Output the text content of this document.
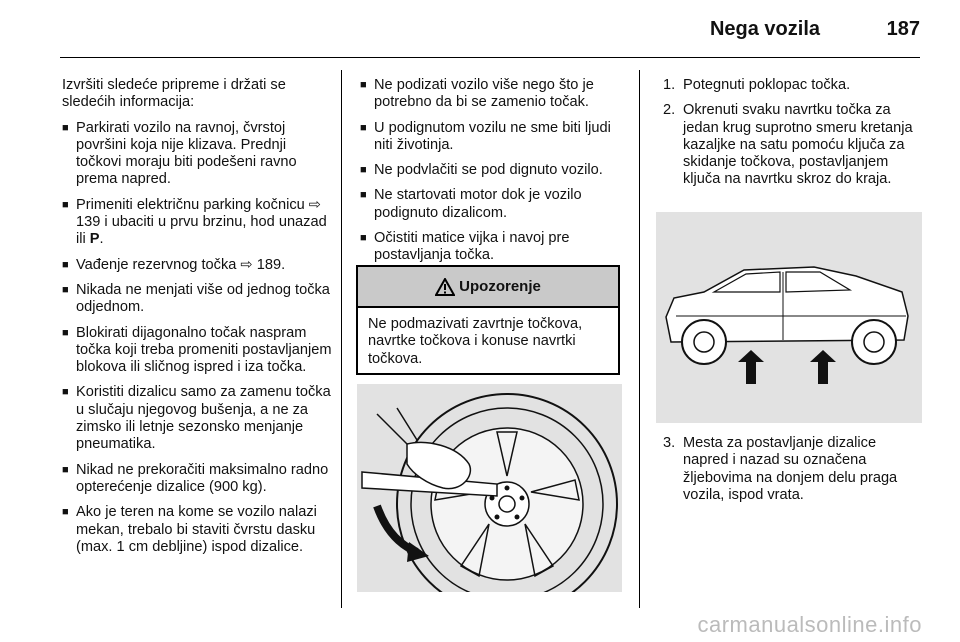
Nega vozila	187

Izvršiti sledeće pripreme i držati se sledećih informacija:

■ Parkirati vozilo na ravnoj, čvrstoj površini koja nije klizava. Prednji točkovi moraju biti podešeni ravno prema napred.
■ Primeniti električnu parking kočnicu ⇨ 139 i ubaciti u prvu brzinu, hod unazad ili P.
■ Vađenje rezervnog točka ⇨ 189.
■ Nikada ne menjati više od jednog točka odjednom.
■ Blokirati dijagonalno točak naspram točka koji treba promeniti postavljanjem blokova ili sličnog ispred i iza točka.
■ Koristiti dizalicu samo za zamenu točka u slučaju njegovog bušenja, a ne za zimsko ili letnje sezonsko menjanje pneumatika.
■ Nikad ne prekoračiti maksimalno radno opterećenje dizalice (900 kg).
■ Ako je teren na kome se vozilo nalazi mekan, trebalo bi staviti čvrstu dasku (max. 1 cm debljine) ispod dizalice.
■ Ne podizati vozilo više nego što je potrebno da bi se zamenio točak.
■ U podignutom vozilu ne sme biti ljudi niti životinja.
■ Ne podvlačiti se pod dignuto vozilo.
■ Ne startovati motor dok je vozilo podignuto dizalicom.
■ Očistiti matice vijka i navoj pre postavljanja točka.
Upozorenje
Ne podmazivati zavrtnje točkova, navrtke točkova i konuse navrtki točkova.
1. Potegnuti poklopac točka.
2. Okrenuti svaku navrtku točka za jedan krug suprotno smeru kretanja kazaljke na satu pomoću ključa za skidanje točkova, postavljanjem ključa na navrtku skroz do kraja.
3. Mesta za postavljanje dizalice napred i nazad su označena žljebovima na donjem delu praga vozila, ispod vrata.
carmanualsonline.info
